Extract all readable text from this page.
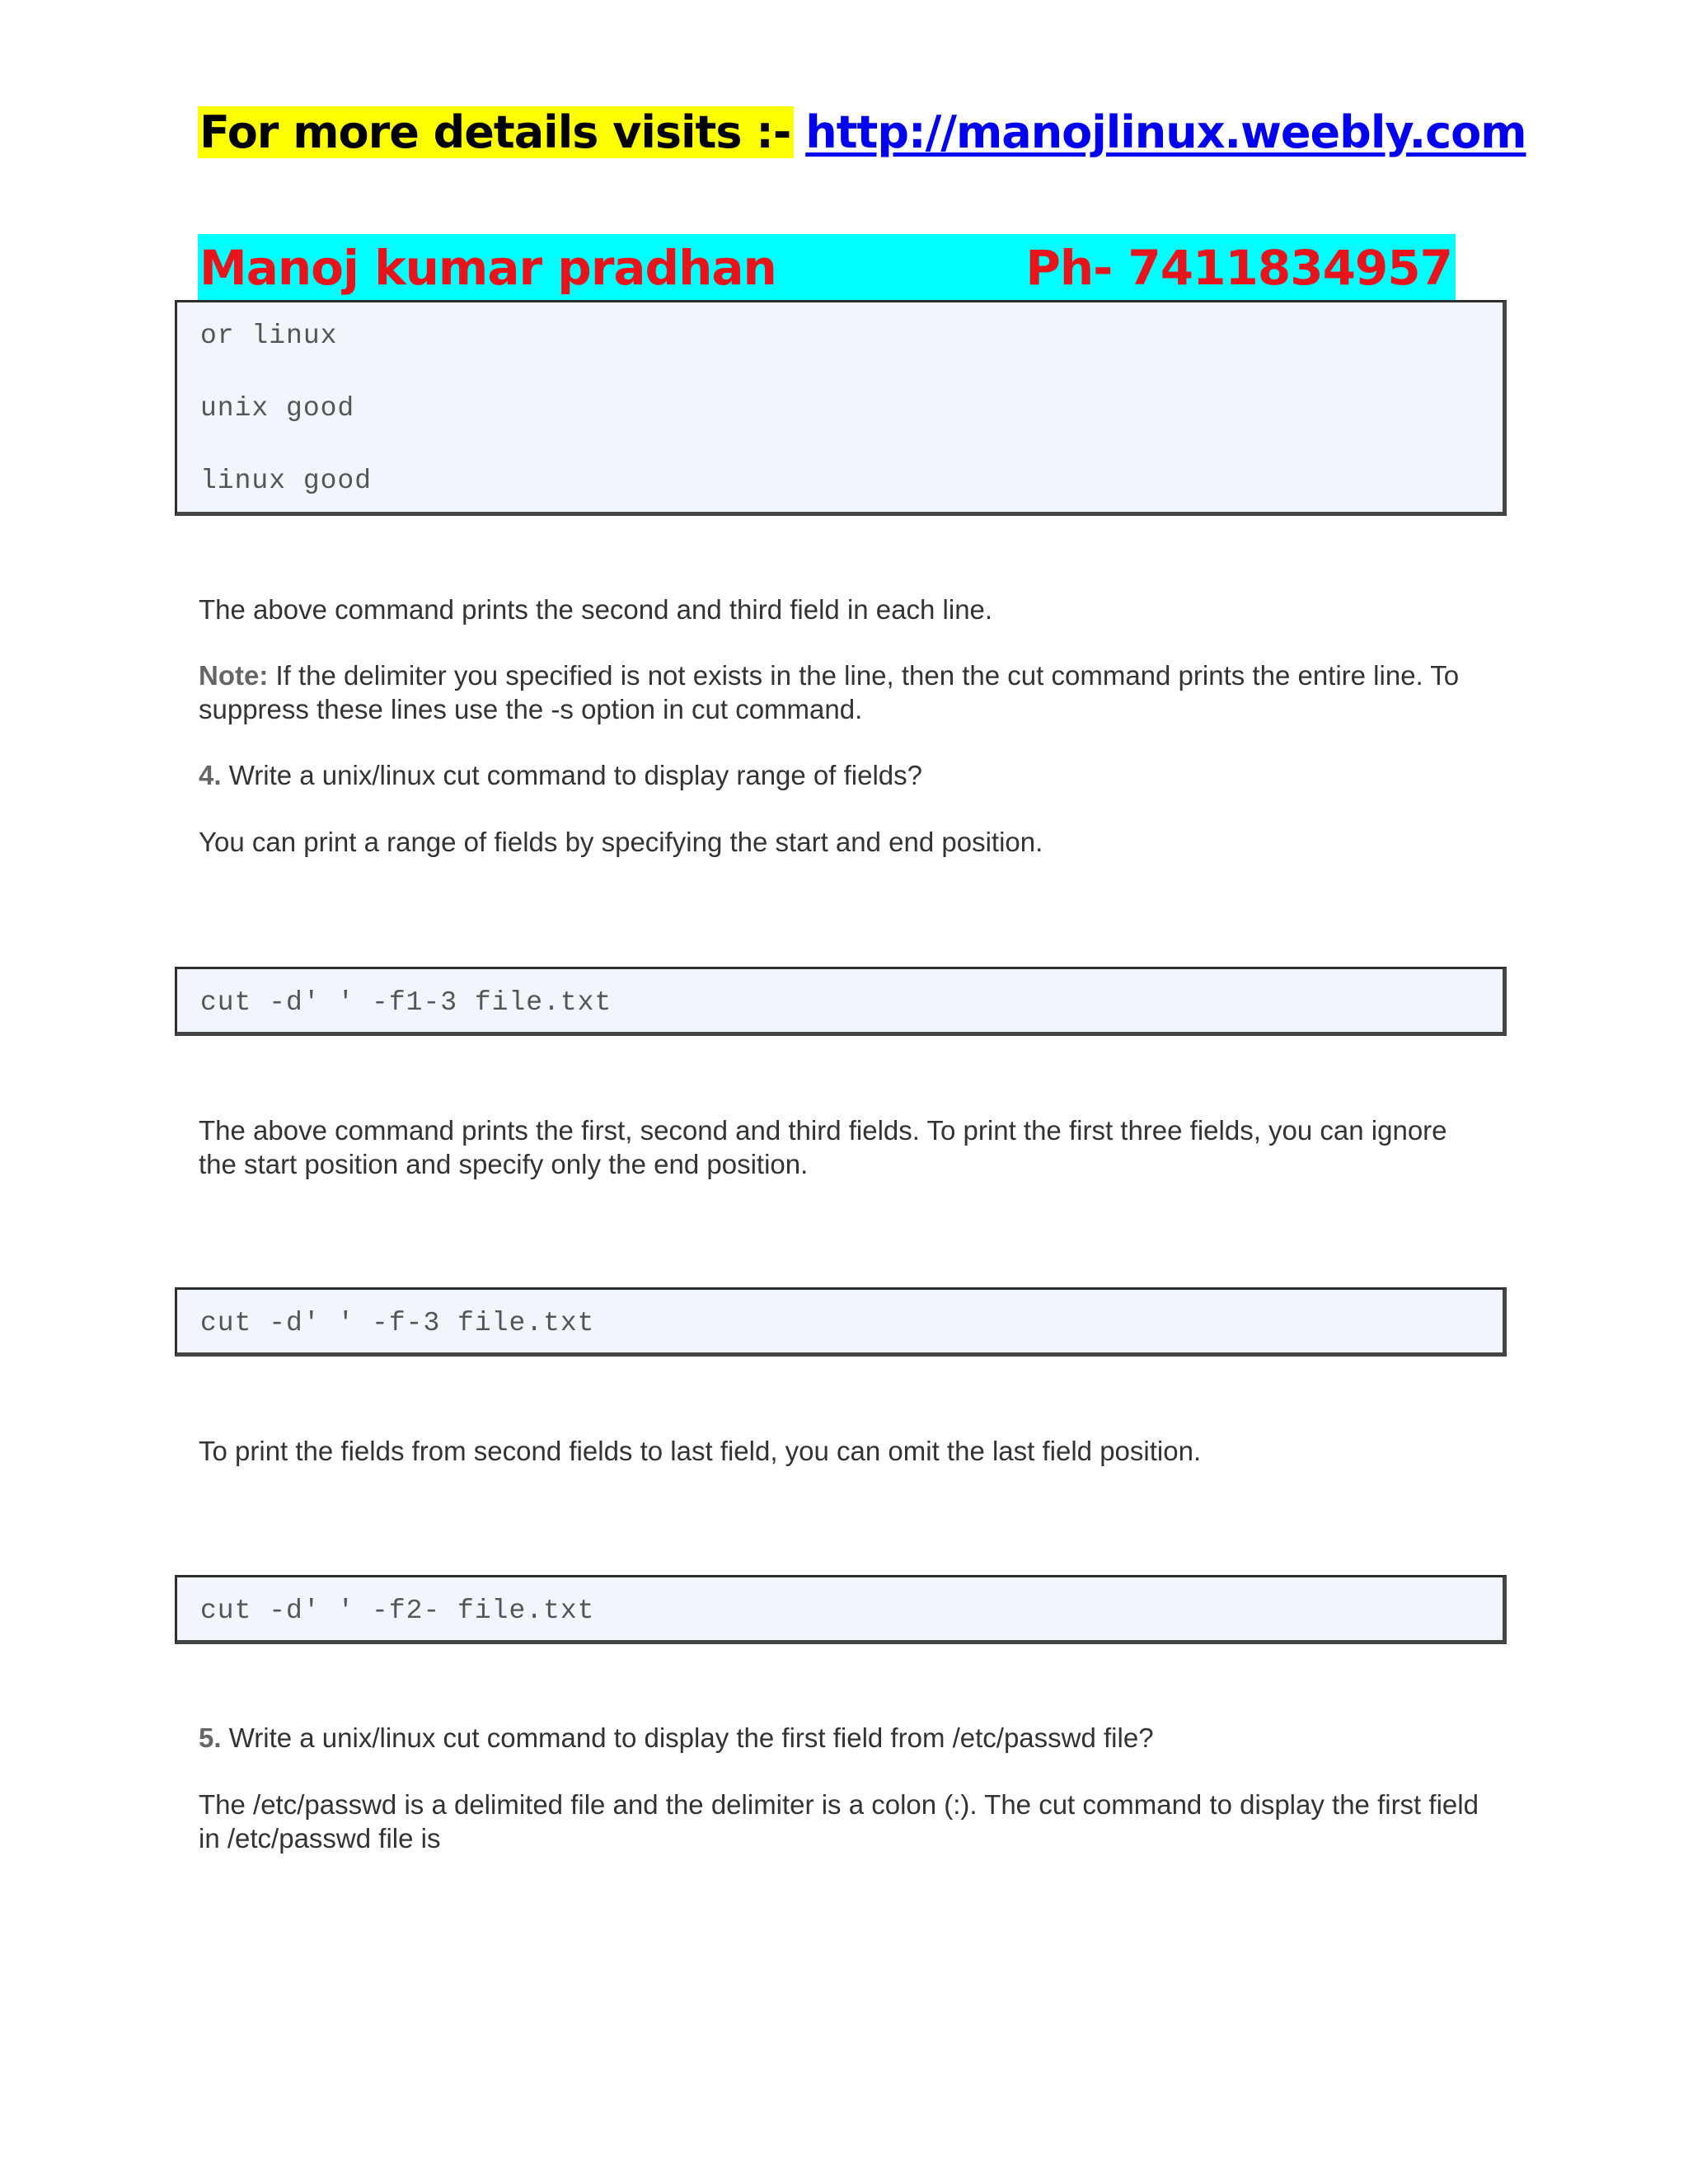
For more details visits :- http://manojlinux.weebly.com
Manoj kumar pradhan	Ph- 7411834957
or linux
unix good
linux good
The above command prints the second and third field in each line.
Note: If the delimiter you specified is not exists in the line, then the cut command prints the entire line. To suppress these lines use the -s option in cut command.
4. Write a unix/linux cut command to display range of fields?
You can print a range of fields by specifying the start and end position.
cut -d' ' -f1-3 file.txt
The above command prints the first, second and third fields. To print the first three fields, you can ignore the start position and specify only the end position.
cut -d' ' -f-3 file.txt
To print the fields from second fields to last field, you can omit the last field position.
cut -d' ' -f2- file.txt
5. Write a unix/linux cut command to display the first field from /etc/passwd file?
The /etc/passwd is a delimited file and the delimiter is a colon (:). The cut command to display the first field in /etc/passwd file is
